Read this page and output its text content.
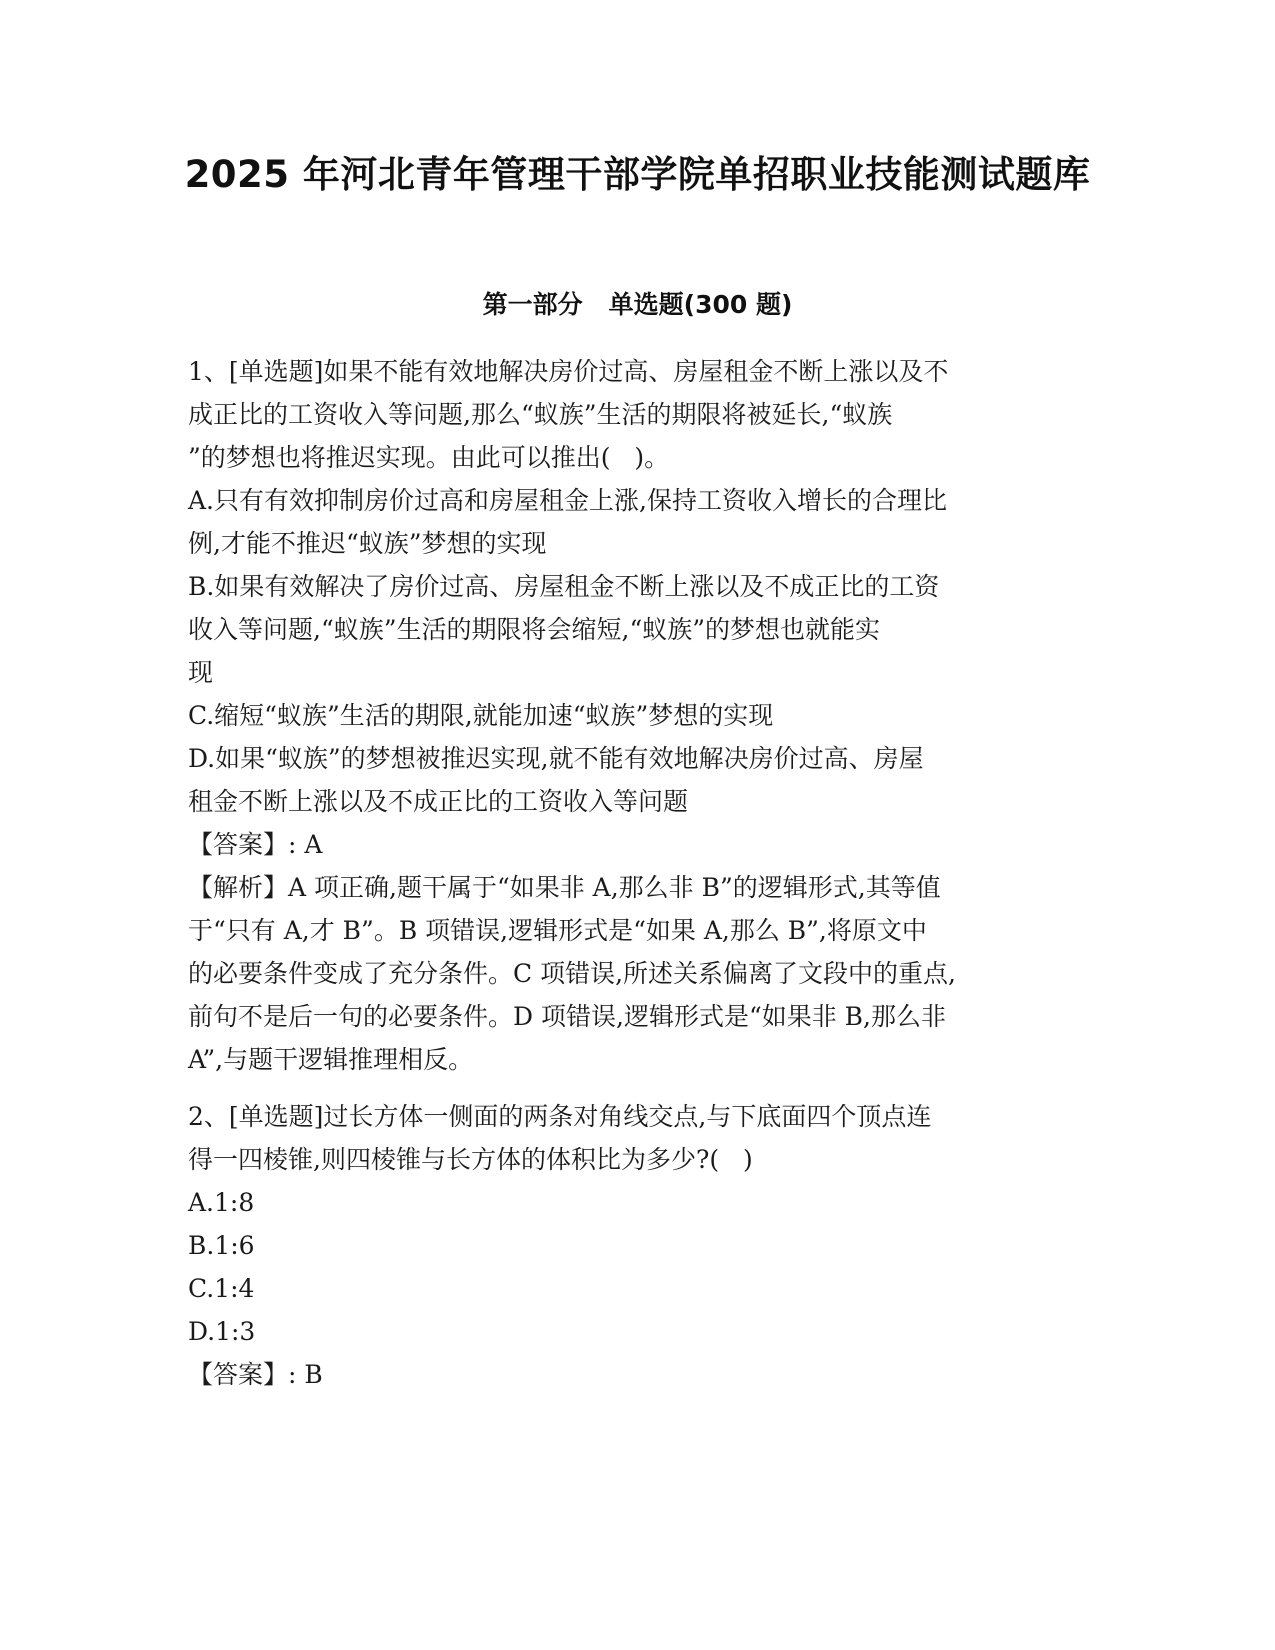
2025 年河北青年管理干部学院单招职业技能测试题库
第一部分   单选题(300 题)

1、[单选题]如果不能有效地解决房价过高、房屋租金不断上涨以及不

成正比的工资收入等问题,那么“蚁族”生活的期限将被延长,“蚁族

”的梦想也将推迟实现。由此可以推出(   )。

A.只有有效抑制房价过高和房屋租金上涨,保持工资收入增长的合理比

例,才能不推迟“蚁族”梦想的实现

B.如果有效解决了房价过高、房屋租金不断上涨以及不成正比的工资

收入等问题,“蚁族”生活的期限将会缩短,“蚁族”的梦想也就能实

现

C.缩短“蚁族”生活的期限,就能加速“蚁族”梦想的实现

D.如果“蚁族”的梦想被推迟实现,就不能有效地解决房价过高、房屋

租金不断上涨以及不成正比的工资收入等问题

【答案】: A

【解析】A 项正确,题干属于“如果非 A,那么非 B”的逻辑形式,其等值

于“只有 A,才 B”。B 项错误,逻辑形式是“如果 A,那么 B”,将原文中

的必要条件变成了充分条件。C 项错误,所述关系偏离了文段中的重点,

前句不是后一句的必要条件。D 项错误,逻辑形式是“如果非 B,那么非

A”,与题干逻辑推理相反。

2、[单选题]过长方体一侧面的两条对角线交点,与下底面四个顶点连

得一四棱锥,则四棱锥与长方体的体积比为多少?(   )

A.1:8

B.1:6

C.1:4

D.1:3

【答案】: B
